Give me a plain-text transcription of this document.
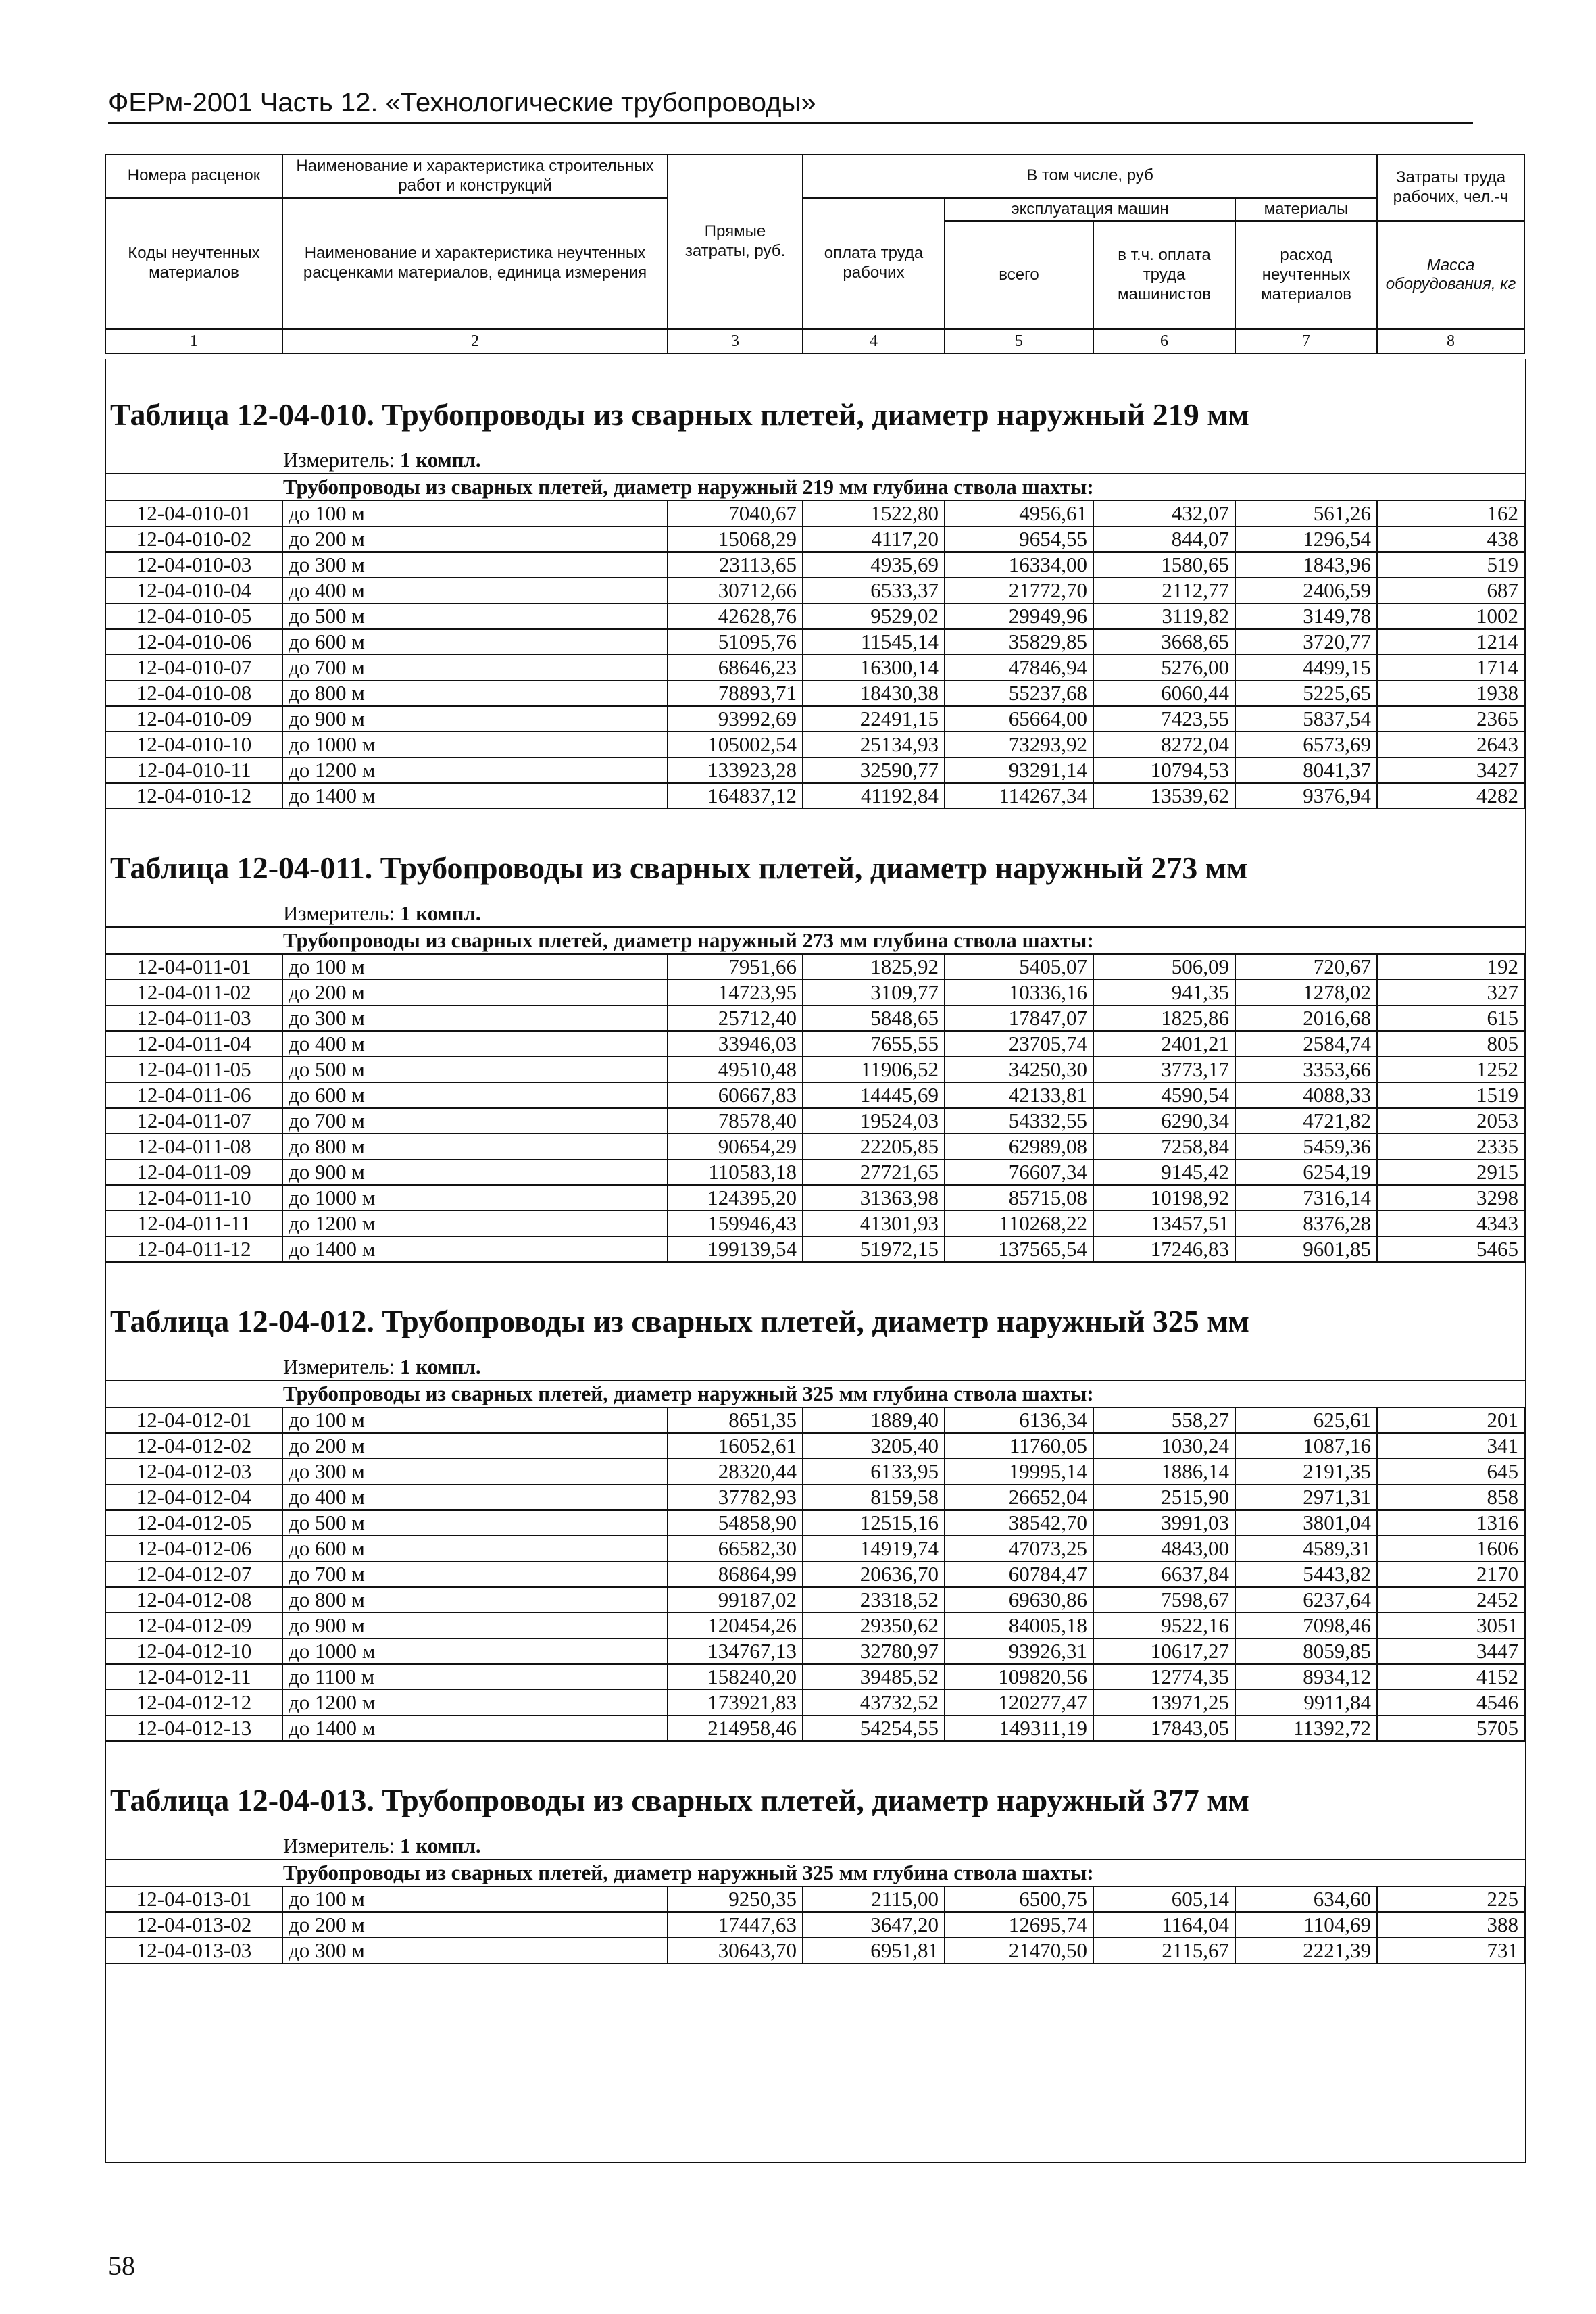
ФЕРм-2001 Часть 12. «Технологические трубопроводы»
Номера расценок	Наименование и характеристика строительных работ и конструкций	Прямые затраты, руб.	В том числе, руб				Затраты труда рабочих, чел.-ч
Коды неучтенных материалов	Наименование и характеристика неучтенных расценками материалов, единица измерения		оплата труда рабочих	эксплуатация машин		материалы	
				всего	в т.ч. оплата труда машинистов	расход неучтенных материалов	Масса оборудования, кг
1	2	3	4	5	6	7	8
Таблица 12-04-010. Трубопроводы из сварных плетей, диаметр наружный 219 мм
Измеритель: 1 компл.
Трубопроводы из сварных плетей, диаметр наружный 219 мм глубина ствола шахты:
12-04-010-01	до 100 м	7040,67	1522,80	4956,61	432,07	561,26	162
12-04-010-02	до 200 м	15068,29	4117,20	9654,55	844,07	1296,54	438
12-04-010-03	до 300 м	23113,65	4935,69	16334,00	1580,65	1843,96	519
12-04-010-04	до 400 м	30712,66	6533,37	21772,70	2112,77	2406,59	687
12-04-010-05	до 500 м	42628,76	9529,02	29949,96	3119,82	3149,78	1002
12-04-010-06	до 600 м	51095,76	11545,14	35829,85	3668,65	3720,77	1214
12-04-010-07	до 700 м	68646,23	16300,14	47846,94	5276,00	4499,15	1714
12-04-010-08	до 800 м	78893,71	18430,38	55237,68	6060,44	5225,65	1938
12-04-010-09	до 900 м	93992,69	22491,15	65664,00	7423,55	5837,54	2365
12-04-010-10	до 1000 м	105002,54	25134,93	73293,92	8272,04	6573,69	2643
12-04-010-11	до 1200 м	133923,28	32590,77	93291,14	10794,53	8041,37	3427
12-04-010-12	до 1400 м	164837,12	41192,84	114267,34	13539,62	9376,94	4282
Таблица 12-04-011. Трубопроводы из сварных плетей, диаметр наружный 273 мм
Измеритель: 1 компл.
Трубопроводы из сварных плетей, диаметр наружный 273 мм глубина ствола шахты:
12-04-011-01	до 100 м	7951,66	1825,92	5405,07	506,09	720,67	192
12-04-011-02	до 200 м	14723,95	3109,77	10336,16	941,35	1278,02	327
12-04-011-03	до 300 м	25712,40	5848,65	17847,07	1825,86	2016,68	615
12-04-011-04	до 400 м	33946,03	7655,55	23705,74	2401,21	2584,74	805
12-04-011-05	до 500 м	49510,48	11906,52	34250,30	3773,17	3353,66	1252
12-04-011-06	до 600 м	60667,83	14445,69	42133,81	4590,54	4088,33	1519
12-04-011-07	до 700 м	78578,40	19524,03	54332,55	6290,34	4721,82	2053
12-04-011-08	до 800 м	90654,29	22205,85	62989,08	7258,84	5459,36	2335
12-04-011-09	до 900 м	110583,18	27721,65	76607,34	9145,42	6254,19	2915
12-04-011-10	до 1000 м	124395,20	31363,98	85715,08	10198,92	7316,14	3298
12-04-011-11	до 1200 м	159946,43	41301,93	110268,22	13457,51	8376,28	4343
12-04-011-12	до 1400 м	199139,54	51972,15	137565,54	17246,83	9601,85	5465
Таблица 12-04-012. Трубопроводы из сварных плетей, диаметр наружный 325 мм
Измеритель: 1 компл.
Трубопроводы из сварных плетей, диаметр наружный 325 мм глубина ствола шахты:
12-04-012-01	до 100 м	8651,35	1889,40	6136,34	558,27	625,61	201
12-04-012-02	до 200 м	16052,61	3205,40	11760,05	1030,24	1087,16	341
12-04-012-03	до 300 м	28320,44	6133,95	19995,14	1886,14	2191,35	645
12-04-012-04	до 400 м	37782,93	8159,58	26652,04	2515,90	2971,31	858
12-04-012-05	до 500 м	54858,90	12515,16	38542,70	3991,03	3801,04	1316
12-04-012-06	до 600 м	66582,30	14919,74	47073,25	4843,00	4589,31	1606
12-04-012-07	до 700 м	86864,99	20636,70	60784,47	6637,84	5443,82	2170
12-04-012-08	до 800 м	99187,02	23318,52	69630,86	7598,67	6237,64	2452
12-04-012-09	до 900 м	120454,26	29350,62	84005,18	9522,16	7098,46	3051
12-04-012-10	до 1000 м	134767,13	32780,97	93926,31	10617,27	8059,85	3447
12-04-012-11	до 1100 м	158240,20	39485,52	109820,56	12774,35	8934,12	4152
12-04-012-12	до 1200 м	173921,83	43732,52	120277,47	13971,25	9911,84	4546
12-04-012-13	до 1400 м	214958,46	54254,55	149311,19	17843,05	11392,72	5705
Таблица 12-04-013. Трубопроводы из сварных плетей, диаметр наружный 377 мм
Измеритель: 1 компл.
Трубопроводы из сварных плетей, диаметр наружный 325 мм глубина ствола шахты:
12-04-013-01	до 100 м	9250,35	2115,00	6500,75	605,14	634,60	225
12-04-013-02	до 200 м	17447,63	3647,20	12695,74	1164,04	1104,69	388
12-04-013-03	до 300 м	30643,70	6951,81	21470,50	2115,67	2221,39	731
58
